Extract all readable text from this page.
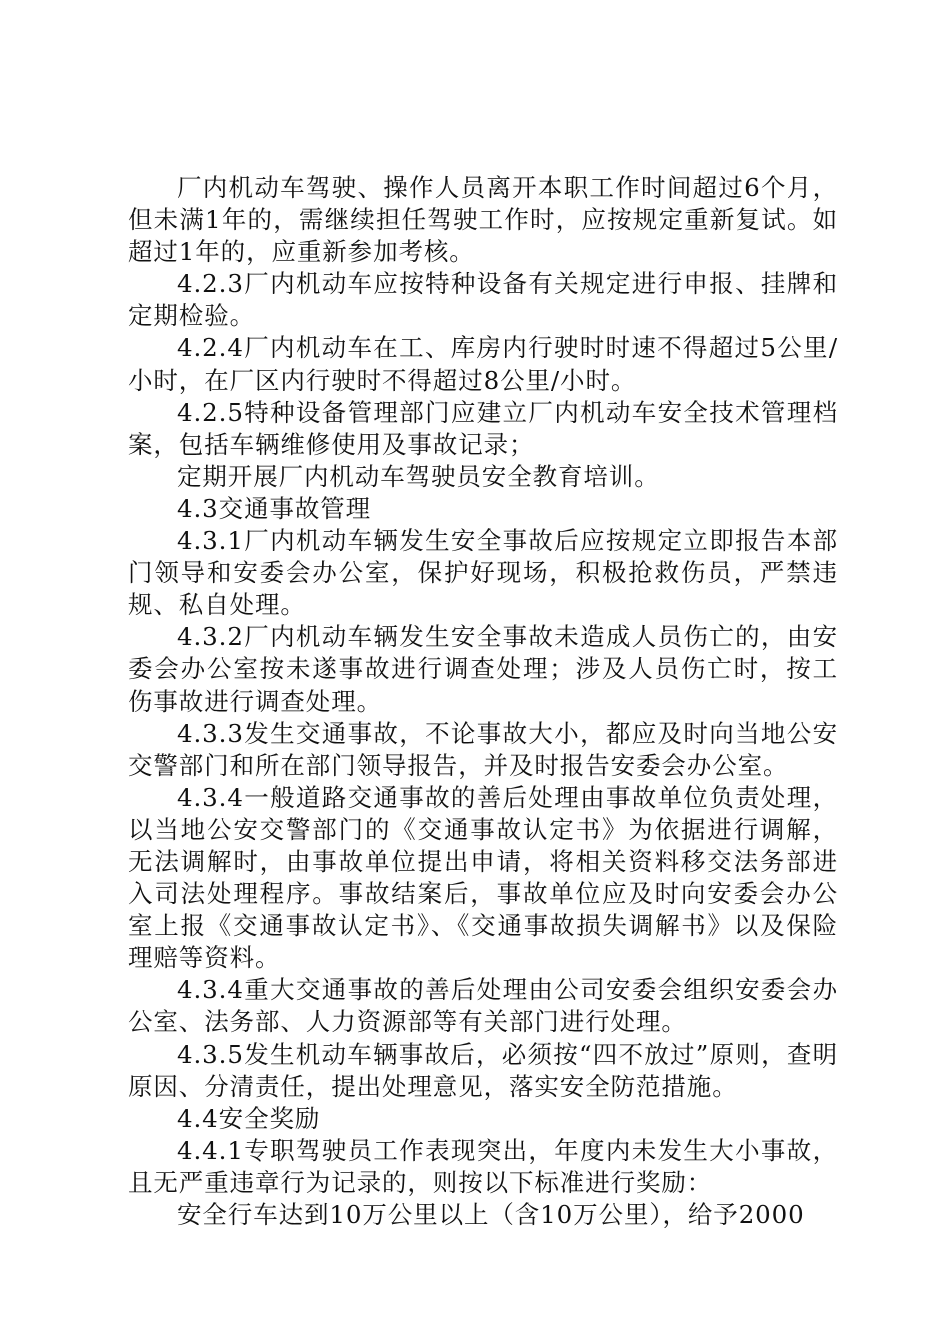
厂内机动车驾驶、操作人员离开本职工作时间超过6个月，但未满1年的，需继续担任驾驶工作时，应按规定重新复试。如超过1年的，应重新参加考核。

4.2.3厂内机动车应按特种设备有关规定进行申报、挂牌和定期检验。

4.2.4厂内机动车在工、库房内行驶时时速不得超过5公里/小时，在厂区内行驶时不得超过8公里/小时。

4.2.5特种设备管理部门应建立厂内机动车安全技术管理档案，包括车辆维修使用及事故记录；

定期开展厂内机动车驾驶员安全教育培训。

4.3交通事故管理

4.3.1厂内机动车辆发生安全事故后应按规定立即报告本部门领导和安委会办公室，保护好现场，积极抢救伤员，严禁违规、私自处理。

4.3.2厂内机动车辆发生安全事故未造成人员伤亡的，由安委会办公室按未遂事故进行调查处理；涉及人员伤亡时，按工伤事故进行调查处理。

4.3.3发生交通事故，不论事故大小，都应及时向当地公安交警部门和所在部门领导报告，并及时报告安委会办公室。

4.3.4一般道路交通事故的善后处理由事故单位负责处理，以当地公安交警部门的《交通事故认定书》为依据进行调解，无法调解时，由事故单位提出申请，将相关资料移交法务部进入司法处理程序。事故结案后，事故单位应及时向安委会办公室上报《交通事故认定书》、《交通事故损失调解书》以及保险理赔等资料。

4.3.4重大交通事故的善后处理由公司安委会组织安委会办公室、法务部、人力资源部等有关部门进行处理。

4.3.5发生机动车辆事故后，必须按“四不放过”原则，查明原因、分清责任，提出处理意见，落实安全防范措施。

4.4安全奖励

4.4.1专职驾驶员工作表现突出，年度内未发生大小事故，且无严重违章行为记录的，则按以下标准进行奖励：

安全行车达到10万公里以上（含10万公里），给予2000
